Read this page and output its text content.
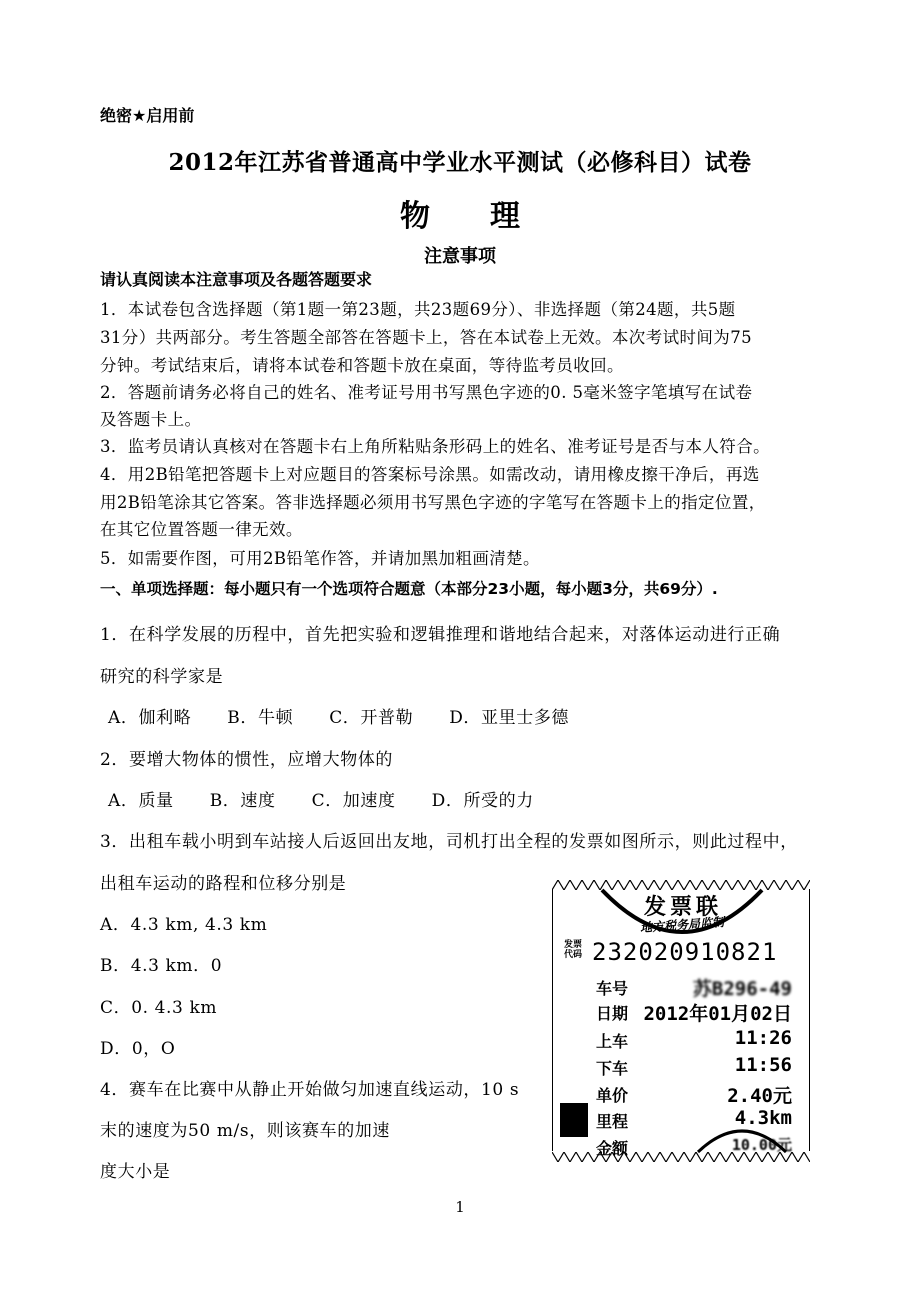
绝密★启用前
2012年江苏省普通高中学业水平测试（必修科目）试卷
物　　理
注意事项
请认真阅读本注意事项及各题答题要求
1．本试卷包含选择题（第1题一第23题，共23题69分）、非选择题（第24题，共5题
31分）共两部分。考生答题全部答在答题卡上，答在本试卷上无效。本次考试时间为75
分钟。考试结束后，请将本试卷和答题卡放在桌面，等待监考员收回。
2．答题前请务必将自己的姓名、准考证号用书写黑色字迹的0. 5毫米签字笔填写在试卷
及答题卡上。
3．监考员请认真核对在答题卡右上角所粘贴条形码上的姓名、准考证号是否与本人符合。
4．用2B铅笔把答题卡上对应题目的答案标号涂黑。如需改动，请用橡皮擦干净后，再选
用2B铅笔涂其它答案。答非选择题必须用书写黑色字迹的字笔写在答题卡上的指定位置，
在其它位置答题一律无效。
5．如需要作图，可用2B铅笔作答，并请加黑加粗画清楚。
一、单项选择题：每小题只有一个选项符合题意（本部分23小题，每小题3分，共69分）.
1．在科学发展的历程中，首先把实验和逻辑推理和谐地结合起来，对落体运动进行正确
研究的科学家是
A．伽利略 B．牛顿 C．开普勒 D．亚里士多德
2．要增大物体的惯性，应增大物体的
A．质量 B．速度 C．加速度 D．所受的力
3．出租车载小明到车站接人后返回出友地，司机打出全程的发票如图所示，则此过程中，
出租车运动的路程和位移分别是
A．4.3 km, 4.3 km
B．4.3 km．0
C．0. 4.3 km
D．0，O
4．赛车在比赛中从静止开始做匀加速直线运动，10 s
末的速度为50 m/s，则该赛车的加速
度大小是
发票联
地方税务局监制
发票代码 232020910821
车号	苏B296-49
日期 2012年01月02日
上车	11:26
下车	11:56
单价	2.40元
里程	4.3km
金额	10.00元
1
